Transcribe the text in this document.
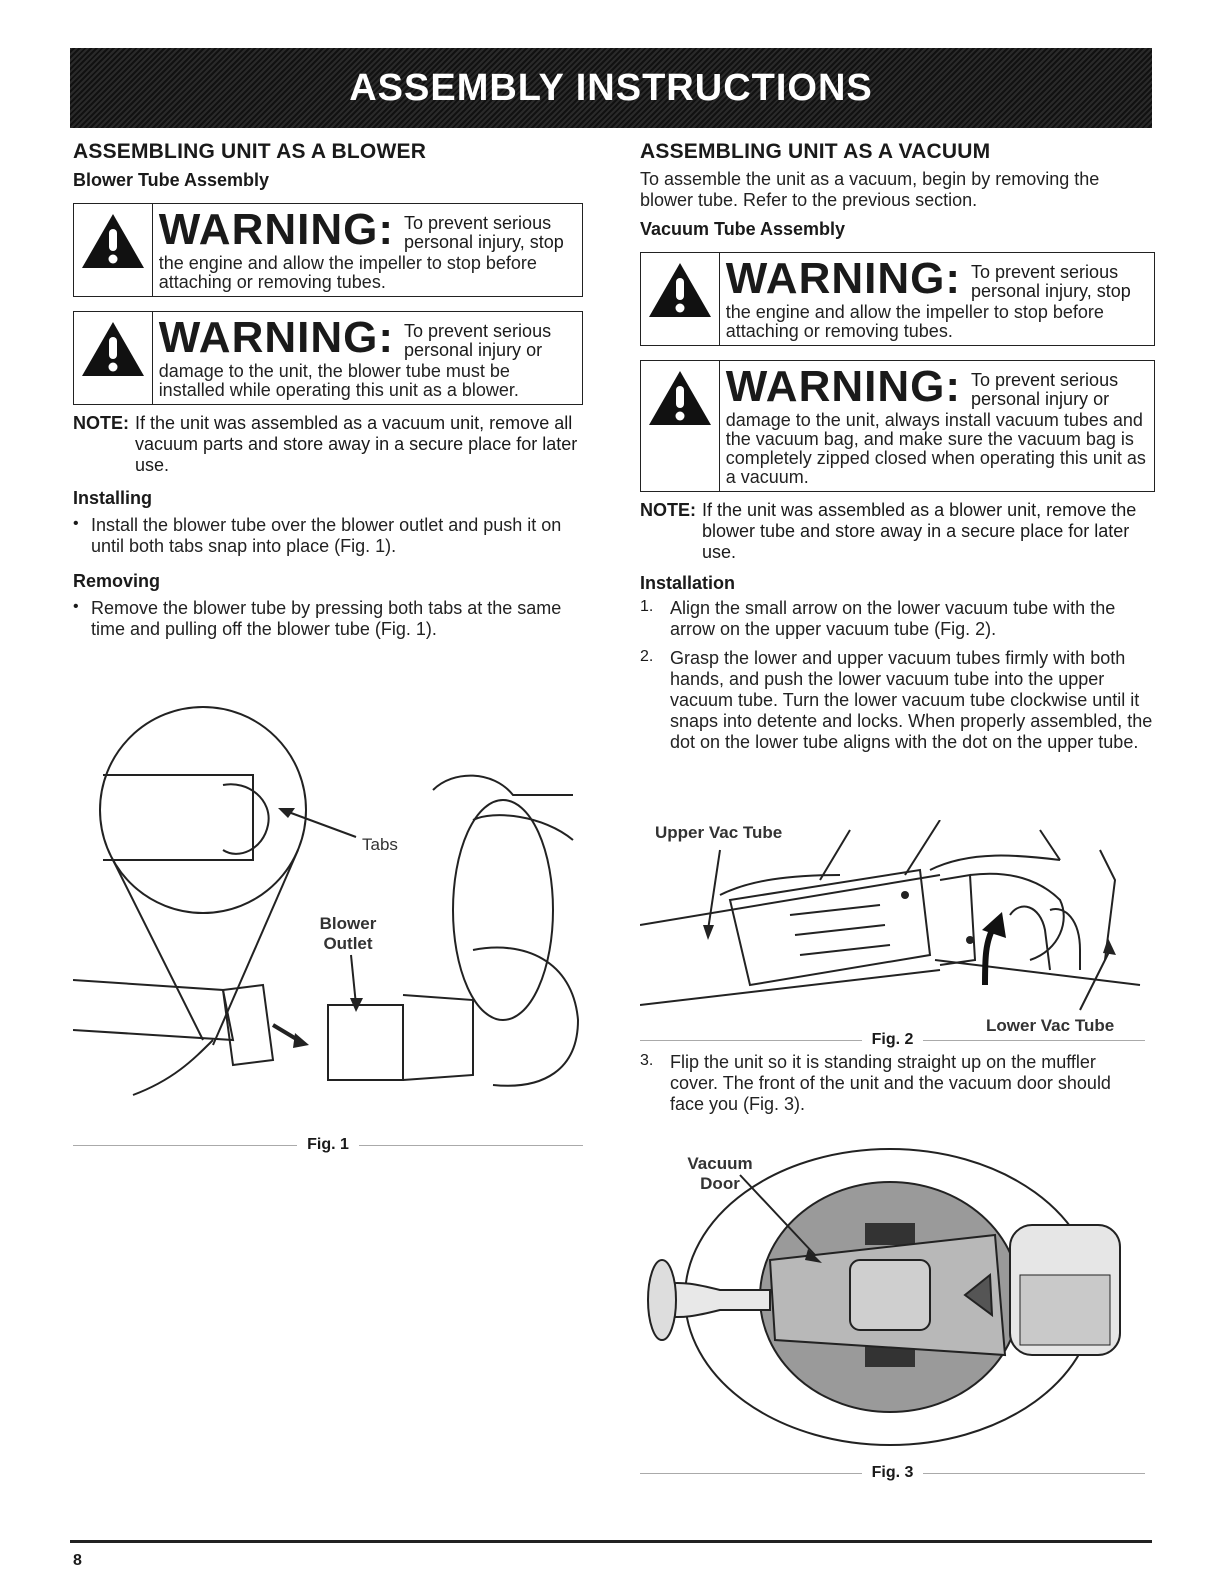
ASSEMBLY INSTRUCTIONS
ASSEMBLING UNIT AS A BLOWER
Blower Tube Assembly
WARNING: To prevent serious personal injury, stop

the engine and allow the impeller to stop before attaching or removing tubes.

WARNING: To prevent serious personal injury or

damage to the unit, the blower tube must be installed while operating this unit as a blower.

NOTE: If the unit was assembled as a vacuum unit, remove all vacuum parts and store away in a secure place for later use.
Installing
• Install the blower tube over the blower outlet and push it on until both tabs snap into place (Fig. 1).

Removing
• Remove the blower tube by pressing both tabs at the same time and pulling off the blower tube (Fig. 1).

Tabs
Blower Outlet
Fig. 1
ASSEMBLING UNIT AS A VACUUM

To assemble the unit as a vacuum, begin by removing the blower tube. Refer to the previous section.

Vacuum Tube Assembly
WARNING: To prevent serious personal injury, stop

the engine and allow the impeller to stop before attaching or removing tubes.

WARNING: To prevent serious personal injury or

damage to the unit, always install vacuum tubes and the vacuum bag, and make sure the vacuum bag is completely zipped closed when operating this unit as a vacuum.

NOTE: If the unit was assembled as a blower unit, remove the blower tube and store away in a secure place for later use.
Installation
1. Align the small arrow on the lower vacuum tube with the arrow on the upper vacuum tube (Fig. 2).

2. Grasp the lower and upper vacuum tubes firmly with both hands, and push the lower vacuum tube into the upper vacuum tube. Turn the lower vacuum tube clockwise until it snaps into detente and locks. When properly assembled, the dot on the lower tube aligns with the dot on the upper tube.

Upper Vac Tube
Lower Vac Tube
Fig. 2
3. Flip the unit so it is standing straight up on the muffler cover. The front of the unit and the vacuum door should face you (Fig. 3).

Vacuum Door
Fig. 3
8
